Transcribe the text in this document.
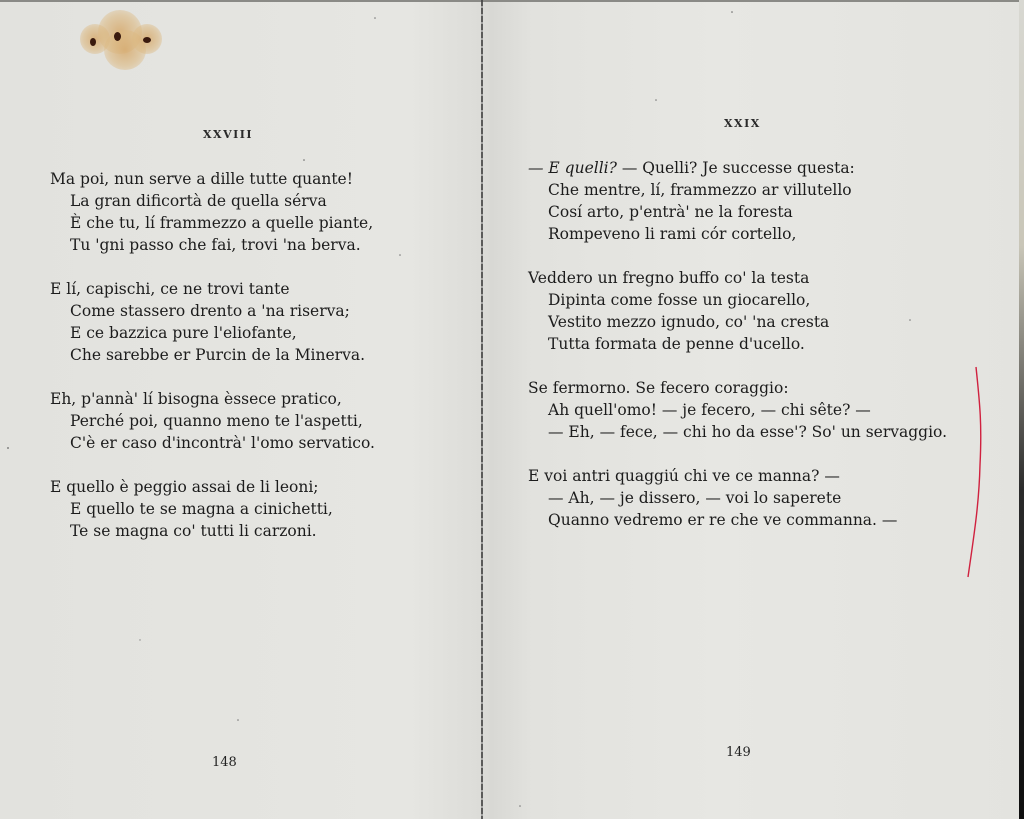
XXVIII
Ma poi, nun serve a dille tutte quante!
La gran dificortà de quella sérva
È che tu, lí frammezzo a quelle piante,
Tu 'gni passo che fai, trovi 'na berva.
E lí, capischi, ce ne trovi tante
Come stassero drento a 'na riserva;
E ce bazzica pure l'eliofante,
Che sarebbe er Purcin de la Minerva.
Eh, p'annà' lí bisogna èssece pratico,
Perché poi, quanno meno te l'aspetti,
C'è er caso d'incontrà' l'omo servatico.
E quello è peggio assai de li leoni;
E quello te se magna a cinichetti,
Te se magna co' tutti li carzoni.
148
XXIX
— E quelli? — Quelli? Je successe questa:
Che mentre, lí, frammezzo ar villutello
Cosí arto, p'entrà' ne la foresta
Rompeveno li rami cór cortello,
Veddero un fregno buffo co' la testa
Dipinta come fosse un giocarello,
Vestito mezzo ignudo, co' 'na cresta
Tutta formata de penne d'ucello.
Se fermorno. Se fecero coraggio:
Ah quell'omo! — je fecero, — chi sête? —
— Eh, — fece, — chi ho da esse'? So' un servaggio.
E voi antri quaggiú chi ve ce manna? —
— Ah, — je dissero, — voi lo saperete
Quanno vedremo er re che ve commanna. —
149
